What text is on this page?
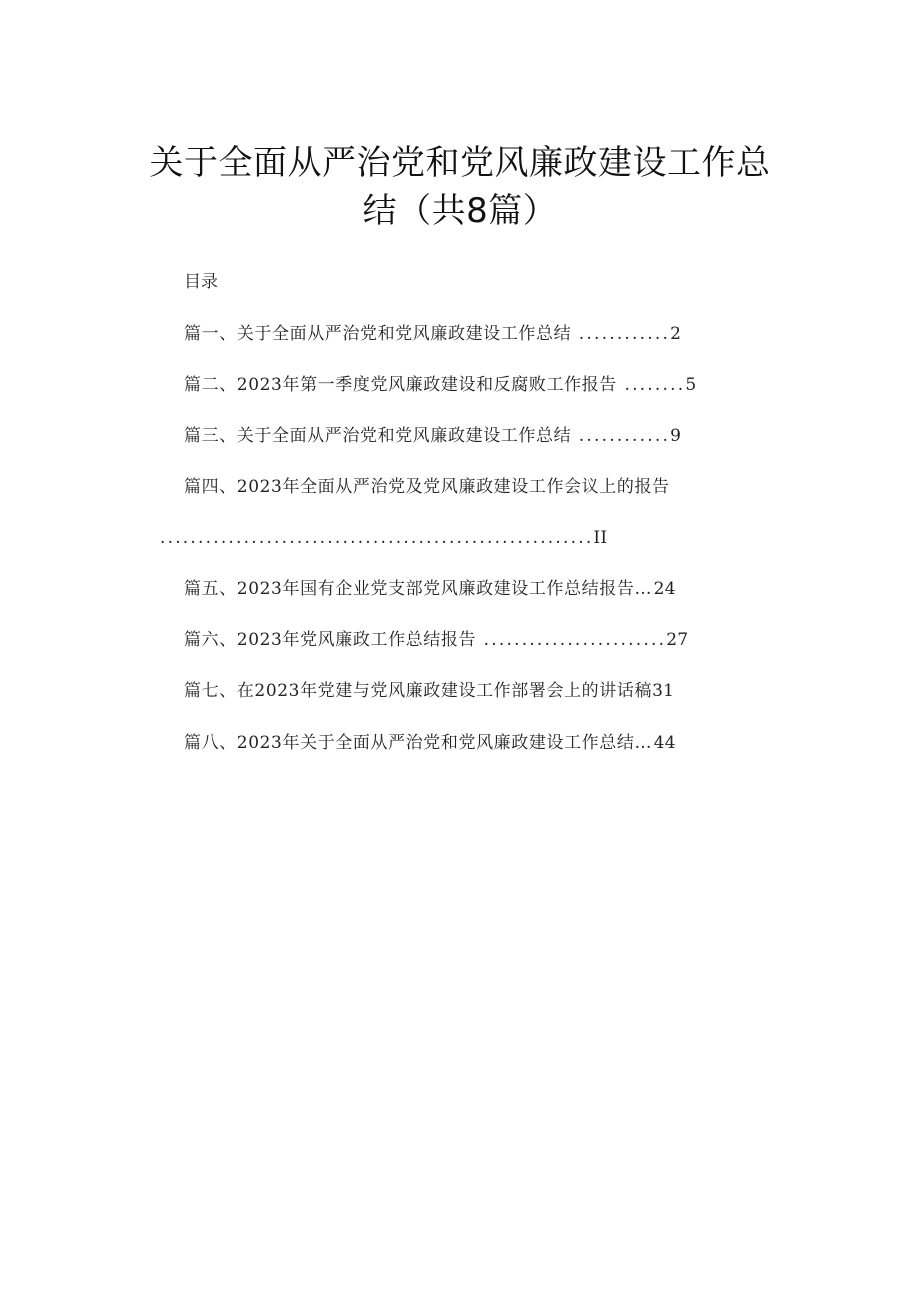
关于全面从严治党和党风廉政建设工作总
结（共8篇）
目录
篇一、关于全面从严治党和党风廉政建设工作总结 ............2
篇二、2023年第一季度党风廉政建设和反腐败工作报告 ........5
篇三、关于全面从严治党和党风廉政建设工作总结 ............9
篇四、2023年全面从严治党及党风廉政建设工作会议上的报告
.........................................................II
篇五、2023年国有企业党支部党风廉政建设工作总结报告…24
篇六、2023年党风廉政工作总结报告 ........................27
篇七、在2023年党建与党风廉政建设工作部署会上的讲话稿31
篇八、2023年关于全面从严治党和党风廉政建设工作总结…44
